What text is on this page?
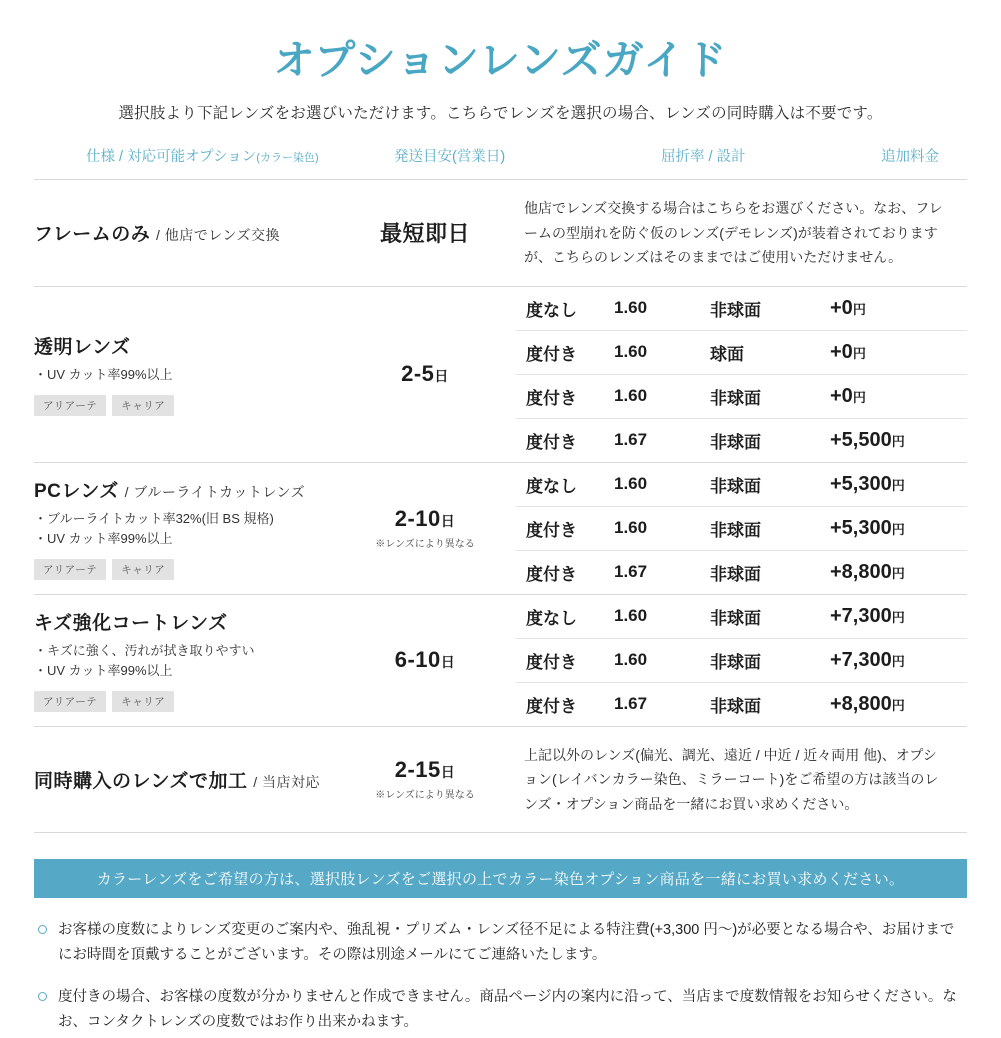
オプションレンズガイド
選択肢より下記レンズをお選びいただけます。こちらでレンズを選択の場合、レンズの同時購入は不要です。
仕様 / 対応可能オプション(カラー染色)	発送目安(営業日)	屈折率 / 設計	追加料金
フレームのみ / 他店でレンズ交換	最短即日

他店でレンズ交換する場合はこちらをお選びください。なお、フレームの型崩れを防ぐ仮のレンズ(デモレンズ)が装着されておりますが、こちらのレンズはそのままではご使用いただけません。

透明レンズ
・UV カット率99%以上
アリアーテ キャリア

2-5日

度なし	1.60	非球面	+0円
度付き	1.60	球面	+0円
度付き	1.60	非球面	+0円
度付き	1.67	非球面	+5,500円

PCレンズ / ブルーライトカットレンズ
・ブルーライトカット率32%(旧 BS 規格)
・UV カット率99%以上
アリアーテ キャリア

2-10日
※レンズにより異なる

度なし	1.60	非球面	+5,300円
度付き	1.60	非球面	+5,300円
度付き	1.67	非球面	+8,800円

キズ強化コートレンズ
・キズに強く、汚れが拭き取りやすい
・UV カット率99%以上
アリアーテ キャリア

6-10日

度なし	1.60	非球面	+7,300円
度付き	1.60	非球面	+7,300円
度付き	1.67	非球面	+8,800円

同時購入のレンズで加工 / 当店対応	2-15日
※レンズにより異なる

上記以外のレンズ(偏光、調光、遠近 / 中近 / 近々両用 他)、オプション(レイバンカラー染色、ミラーコート)をご希望の方は該当のレンズ・オプション商品を一緒にお買い求めください。
カラーレンズをご希望の方は、選択肢レンズをご選択の上でカラー染色オプション商品を一緒にお買い求めください。
お客様の度数によりレンズ変更のご案内や、強乱視・プリズム・レンズ径不足による特注費(+3,300 円〜)が必要となる場合や、お届けまでにお時間を頂戴することがございます。その際は別途メールにてご連絡いたします。
度付きの場合、お客様の度数が分かりませんと作成できません。商品ページ内の案内に沿って、当店まで度数情報をお知らせください。なお、コンタクトレンズの度数ではお作り出来かねます。
